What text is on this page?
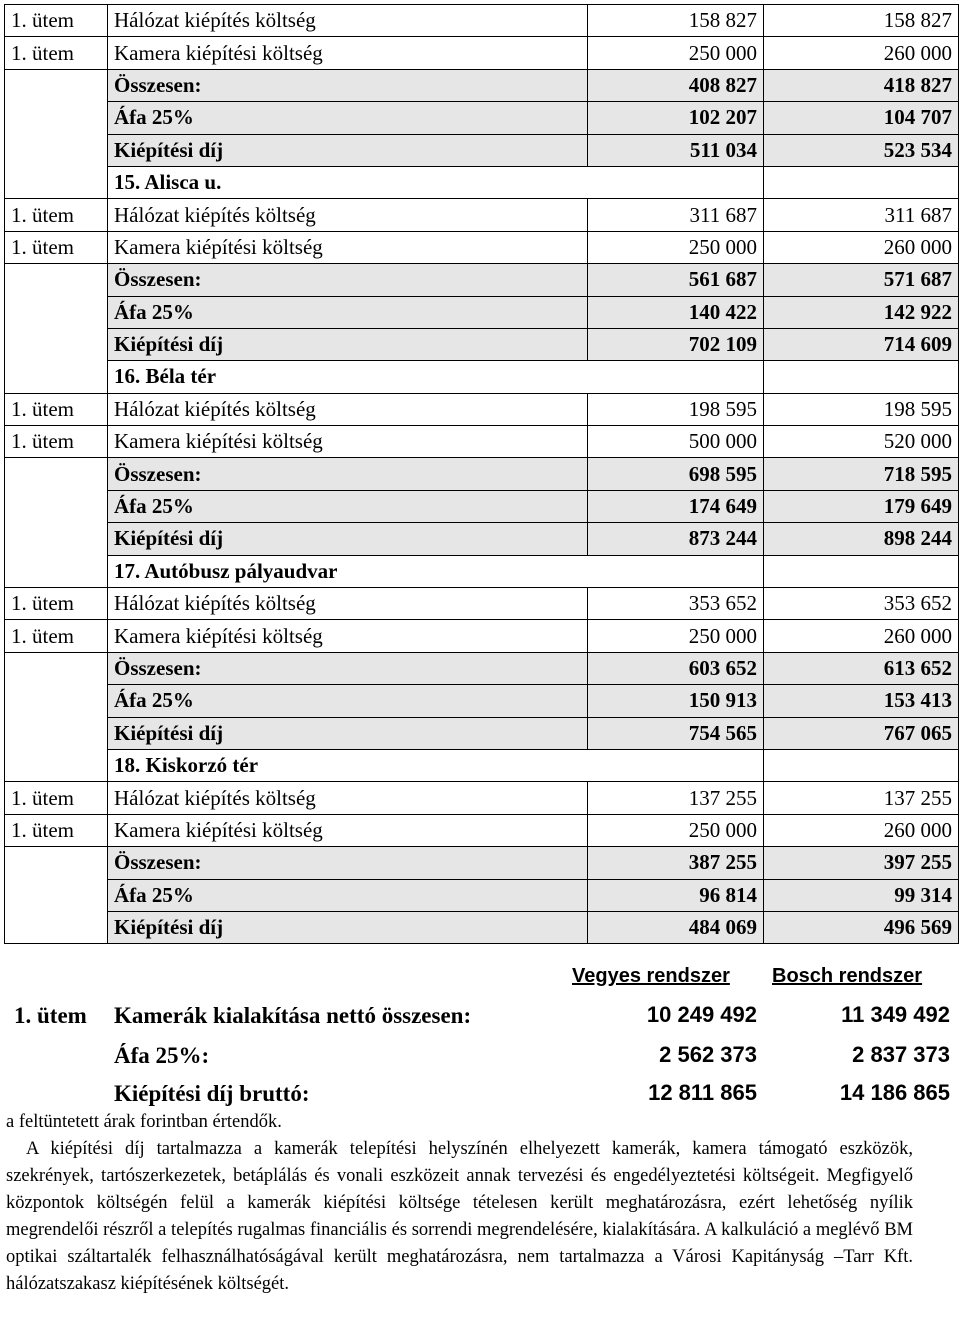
1. ütem	Hálózat kiépítés költség	158 827	158 827
1. ütem	Kamera kiépítési költség	250 000	260 000
	Összesen:	408 827	418 827
	Áfa 25%	102 207	104 707
	Kiépítési díj	511 034	523 534
	15. Alisca u.		
1. ütem	Hálózat kiépítés költség	311 687	311 687
1. ütem	Kamera kiépítési költség	250 000	260 000
	Összesen:	561 687	571 687
	Áfa 25%	140 422	142 922
	Kiépítési díj	702 109	714 609
	16. Béla tér		
1. ütem	Hálózat kiépítés költség	198 595	198 595
1. ütem	Kamera kiépítési költség	500 000	520 000
	Összesen:	698 595	718 595
	Áfa 25%	174 649	179 649
	Kiépítési díj	873 244	898 244
	17. Autóbusz pályaudvar		
1. ütem	Hálózat kiépítés költség	353 652	353 652
1. ütem	Kamera kiépítési költség	250 000	260 000
	Összesen:	603 652	613 652
	Áfa 25%	150 913	153 413
	Kiépítési díj	754 565	767 065
	18. Kiskorzó tér		
1. ütem	Hálózat kiépítés költség	137 255	137 255
1. ütem	Kamera kiépítési költség	250 000	260 000
	Összesen:	387 255	397 255
	Áfa 25%	96 814	99 314
	Kiépítési díj	484 069	496 569
Vegyes rendszer Bosch rendszer
1. ütem Kamerák kialakítása nettó összesen:	10 249 492	11 349 492
Áfa 25%:	2 562 373	2 837 373
Kiépítési díj bruttó:	12 811 865	14 186 865
a feltüntetett árak forintban értendők.

A kiépítési díj tartalmazza a kamerák telepítési helyszínén elhelyezett kamerák, kamera támogató eszközök, szekrények, tartószerkezetek, betáplálás és vonali eszközeit annak tervezési és engedélyeztetési költségeit. Megfigyelő központok költségén felül a kamerák kiépítési költsége tételesen került meghatározásra, ezért lehetőség nyílik megrendelői részről a telepítés rugalmas financiális és sorrendi megrendelésére, kialakítására. A kalkuláció a meglévő BM optikai száltartalék felhasználhatóságával került meghatározásra, nem tartalmazza a Városi Kapitányság –Tarr Kft. hálózatszakasz kiépítésének költségét.
